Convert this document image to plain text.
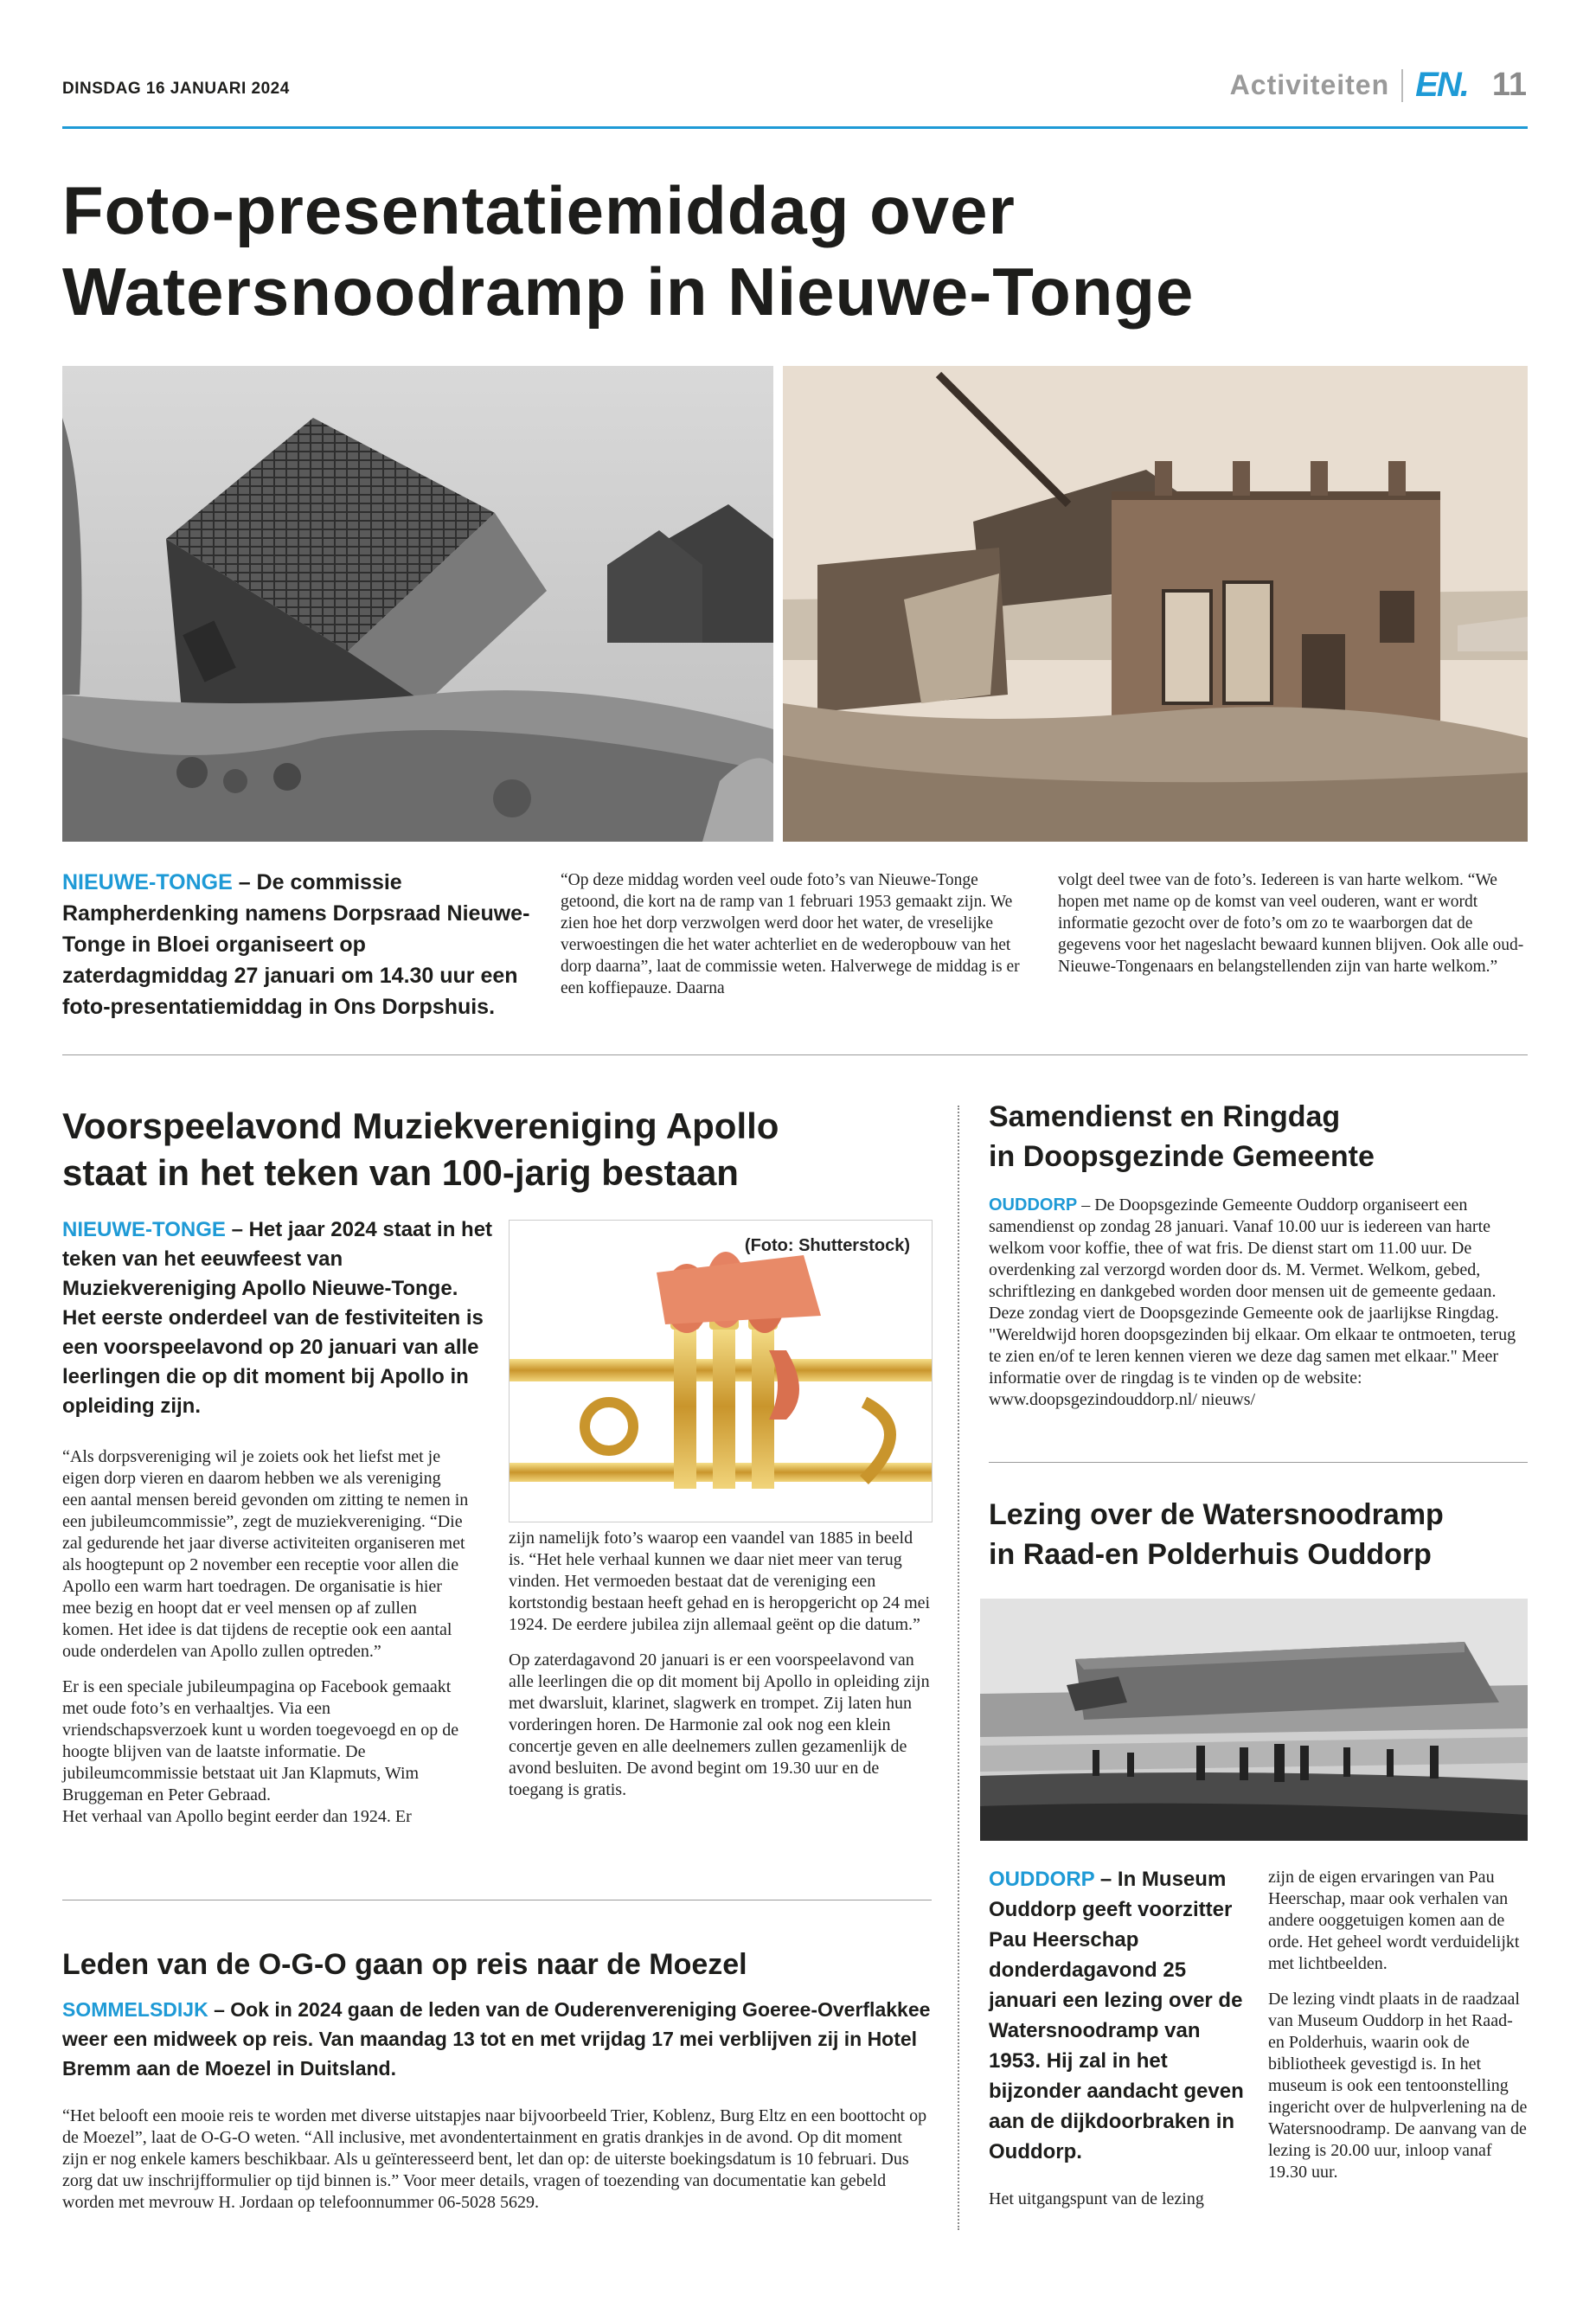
DINSDAG 16 JANUARI 2024	Activiteiten EN. 11
Foto-presentatiemiddag over
Watersnoodramp in Nieuwe-Tonge
NIEUWE-TONGE – De commissie Rampherdenking namens Dorpsraad Nieuwe-Tonge in Bloei organiseert op zaterdagmiddag 27 januari om 14.30 uur een foto-presentatiemiddag in Ons Dorpshuis.
“Op deze middag worden veel oude foto’s van Nieuwe-Tonge getoond, die kort na de ramp van 1 februari 1953 gemaakt zijn. We zien hoe het dorp verzwolgen werd door het water, de vreselijke verwoestingen die het water achterliet en de wederopbouw van het dorp daarna”, laat de commissie weten. Halverwege de middag is er een koffiepauze. Daarna
volgt deel twee van de foto’s. Iedereen is van harte welkom. “We hopen met name op de komst van veel ouderen, want er wordt informatie gezocht over de foto’s om zo te waarborgen dat de gegevens voor het nageslacht bewaard kunnen blijven. Ook alle oud-Nieuwe-Tongenaars en belangstellenden zijn van harte welkom.”
Voorspeelavond Muziekvereniging Apollo
staat in het teken van 100-jarig bestaan
NIEUWE-TONGE – Het jaar 2024 staat in het teken van het eeuwfeest van Muziekvereniging Apollo Nieuwe-Tonge. Het eerste onderdeel van de festiviteiten is een voorspeelavond op 20 januari van alle leerlingen die op dit moment bij Apollo in opleiding zijn.
(Foto: Shutterstock)

“Als dorpsvereniging wil je zoiets ook het liefst met je eigen dorp vieren en daarom hebben we als vereniging een aantal mensen bereid gevonden om zitting te nemen in een jubileumcommissie”, zegt de muziekvereniging. “Die zal gedurende het jaar diverse activiteiten organiseren met als hoogtepunt op 2 november een receptie voor allen die Apollo een warm hart toedragen. De organisatie is hier mee bezig en hoopt dat er veel mensen op af zullen komen. Het idee is dat tijdens de receptie ook een aantal oude onderdelen van Apollo zullen optreden.”

Er is een speciale jubileumpagina op Facebook gemaakt met oude foto’s en verhaaltjes. Via een vriendschapsverzoek kunt u worden toegevoegd en op de hoogte blijven van de laatste informatie. De jubileumcommissie betstaat uit Jan Klapmuts, Wim Bruggeman en Peter Gebraad.

Het verhaal van Apollo begint eerder dan 1924. Er

zijn namelijk foto’s waarop een vaandel van 1885 in beeld is. “Het hele verhaal kunnen we daar niet meer van terug vinden. Het vermoeden bestaat dat de vereniging een kortstondig bestaan heeft gehad en is heropgericht op 24 mei 1924. De eerdere jubilea zijn allemaal geënt op die datum.”

Op zaterdagavond 20 januari is er een voorspeelavond van alle leerlingen die op dit moment bij Apollo in opleiding zijn met dwarsluit, klarinet, slagwerk en trompet. Zij laten hun vorderingen horen. De Harmonie zal ook nog een klein concertje geven en alle deelnemers zullen gezamenlijk de avond besluiten. De avond begint om 19.30 uur en de toegang is gratis.

Leden van de O-G-O gaan op reis naar de Moezel
SOMMELSDIJK – Ook in 2024 gaan de leden van de Ouderenvereniging Goeree-Overflakkee weer een midweek op reis. Van maandag 13 tot en met vrijdag 17 mei verblijven zij in Hotel Bremm aan de Moezel in Duitsland.
“Het belooft een mooie reis te worden met diverse uitstapjes naar bijvoorbeeld Trier, Koblenz, Burg Eltz en een boottocht op de Moezel”, laat de O-G-O weten. “All inclusive, met avondentertainment en gratis drankjes in de avond. Op dit moment zijn er nog enkele kamers beschikbaar. Als u geïnteresseerd bent, let dan op: de uiterste boekingsdatum is 10 februari. Dus zorg dat uw inschrijfformulier op tijd binnen is.” Voor meer details, vragen of toezending van documentatie kan gebeld worden met mevrouw H. Jordaan op telefoonnummer 06-5028 5629.
Samendienst en Ringdag
in Doopsgezinde Gemeente
OUDDORP – De Doopsgezinde Gemeente Ouddorp organiseert een samendienst op zondag 28 januari. Vanaf 10.00 uur is iedereen van harte welkom voor koffie, thee of wat fris. De dienst start om 11.00 uur. De overdenking zal verzorgd worden door ds. M. Vermet. Welkom, gebed, schriftlezing en dankgebed worden door mensen uit de gemeente gedaan. Deze zondag viert de Doopsgezinde Gemeente ook de jaarlijkse Ringdag. "Wereldwijd horen doopsgezinden bij elkaar. Om elkaar te ontmoeten, terug te zien en/of te leren kennen vieren we deze dag samen met elkaar." Meer informatie over de ringdag is te vinden op de website: www.doopsgezindouddorp.nl/ nieuws/
Lezing over de Watersnoodramp
in Raad-en Polderhuis Ouddorp
OUDDORP – In Museum Ouddorp geeft voorzitter Pau Heerschap donderdagavond 25 januari een lezing over de Watersnoodramp van 1953. Hij zal in het bijzonder aandacht geven aan de dijkdoorbraken in Ouddorp.
Het uitgangspunt van de lezing

zijn de eigen ervaringen van Pau Heerschap, maar ook verhalen van andere ooggetuigen komen aan de orde. Het geheel wordt verduidelijkt met lichtbeelden.

De lezing vindt plaats in de raadzaal van Museum Ouddorp in het Raad-en Polderhuis, waarin ook de bibliotheek gevestigd is. In het museum is ook een tentoonstelling ingericht over de hulpverlening na de Watersnoodramp. De aanvang van de lezing is 20.00 uur, inloop vanaf 19.30 uur.
